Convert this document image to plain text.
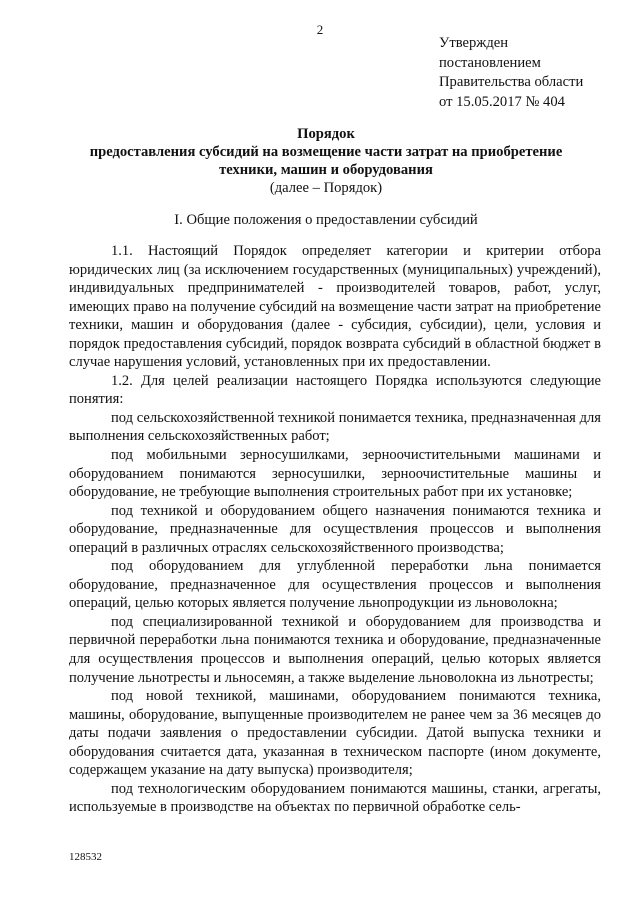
2
Утвержден
постановлением
Правительства области
от 15.05.2017 № 404
Порядок
предоставления субсидий на возмещение части затрат на приобретение
техники, машин и оборудования
(далее – Порядок)
I. Общие положения о предоставлении субсидий

1.1. Настоящий Порядок определяет категории и критерии отбора юридических лиц (за исключением государственных (муниципальных) учреждений), индивидуальных предпринимателей - производителей товаров, работ, услуг, имеющих право на получение субсидий на возмещение части затрат на приобретение техники, машин и оборудования (далее - субсидия, субсидии), цели, условия и порядок предоставления субсидий, порядок возврата субсидий в областной бюджет в случае нарушения условий, установленных при их предоставлении.

1.2. Для целей реализации настоящего Порядка используются следующие понятия:

под сельскохозяйственной техникой понимается техника, предназначенная для выполнения сельскохозяйственных работ;

под мобильными зерносушилками, зерноочистительными машинами и оборудованием понимаются зерносушилки, зерноочистительные машины и оборудование, не требующие выполнения строительных работ при их установке;

под техникой и оборудованием общего назначения понимаются техника и оборудование, предназначенные для осуществления процессов и выполнения операций в различных отраслях сельскохозяйственного производства;

под оборудованием для углубленной переработки льна понимается оборудование, предназначенное для осуществления процессов и выполнения операций, целью которых является получение льнопродукции из льноволокна;

под специализированной техникой и оборудованием для производства и первичной переработки льна понимаются техника и оборудование, предназначенные для осуществления процессов и выполнения операций, целью которых является получение льнотресты и льносемян, а также выделение льноволокна из льнотресты;

под новой техникой, машинами, оборудованием понимаются техника, машины, оборудование, выпущенные производителем не ранее чем за 36 месяцев до даты подачи заявления о предоставлении субсидии. Датой выпуска техники и оборудования считается дата, указанная в техническом паспорте (ином документе, содержащем указание на дату выпуска) производителя;

под технологическим оборудованием понимаются машины, станки, агрегаты, используемые в производстве на объектах по первичной обработке сель-

128532
